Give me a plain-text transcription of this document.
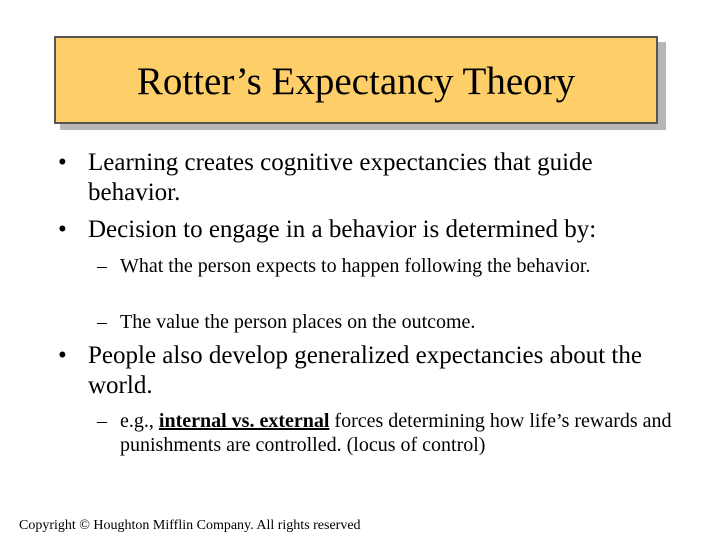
Rotter’s Expectancy Theory
• Learning creates cognitive expectancies that guide behavior.
• Decision to engage in a behavior is determined by:
– What the person expects to happen following the behavior.
– The value the person places on the outcome.
• People also develop generalized expectancies about the world.
– e.g., internal vs. external forces determining how life’s rewards and punishments are controlled. (locus of control)
Copyright © Houghton Mifflin Company. All rights reserved
